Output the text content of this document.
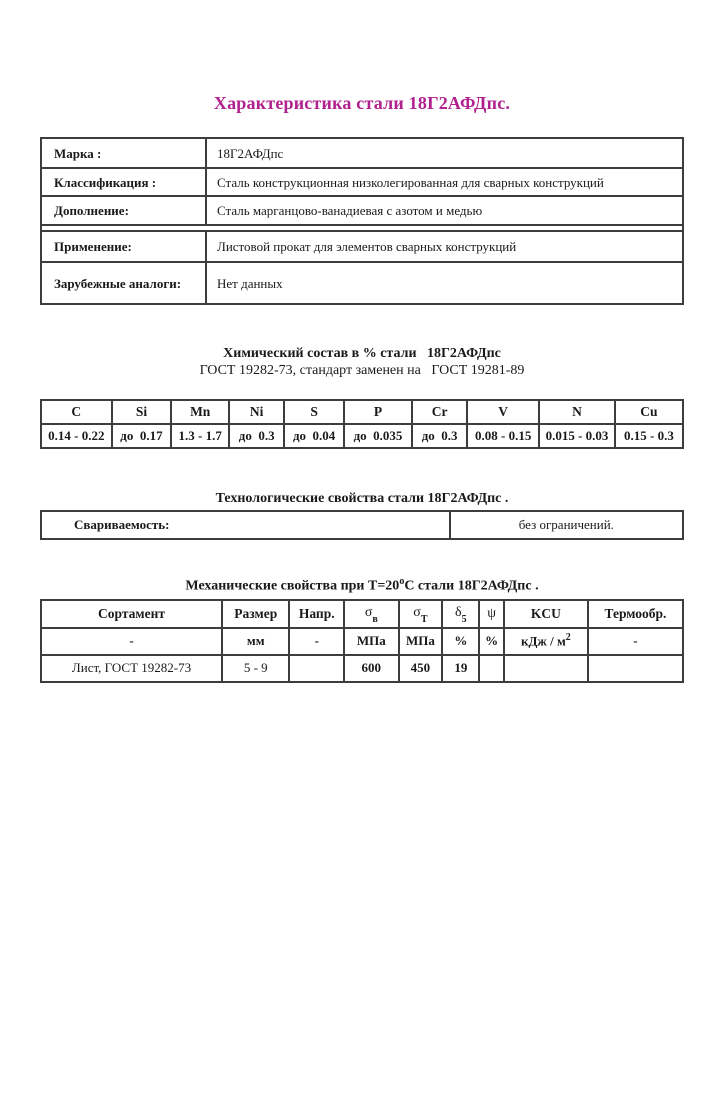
Характеристика стали 18Г2АФДпс.
Марка :	18Г2АФДпс
Классификация :	Сталь конструкционная низколегированная для сварных конструкций
Дополнение:	Сталь марганцово-ванадиевая с азотом и медью

Применение:	Листовой прокат для элементов сварных конструкций
Зарубежные аналоги:	Нет данных

Химический состав в % стали   18Г2АФДпс

ГОСТ 19282-73, стандарт заменен на   ГОСТ 19281-89

C	Si	Mn	Ni	S	P	Cr	V	N	Cu
0.14 - 0.22	до  0.17	1.3 - 1.7	до  0.3	до  0.04	до  0.035	до  0.3	0.08 - 0.15	0.015 - 0.03	0.15 - 0.3

Технологические свойства стали 18Г2АФДпс .

Свариваемость:	без ограничений.

Механические свойства при $Т=20^оС$ стали 18Г2АФДпс .

Сортамент	Размер	Напр.	$\sigma_в$	$\sigma_Т$	$\delta_5$	ψ	KCU	Термообр.
-	мм	-	МПа	МПа	%	%	кДж / $м^2$	-
Лист, ГОСТ 19282-73	5 - 9		600	450	19			
